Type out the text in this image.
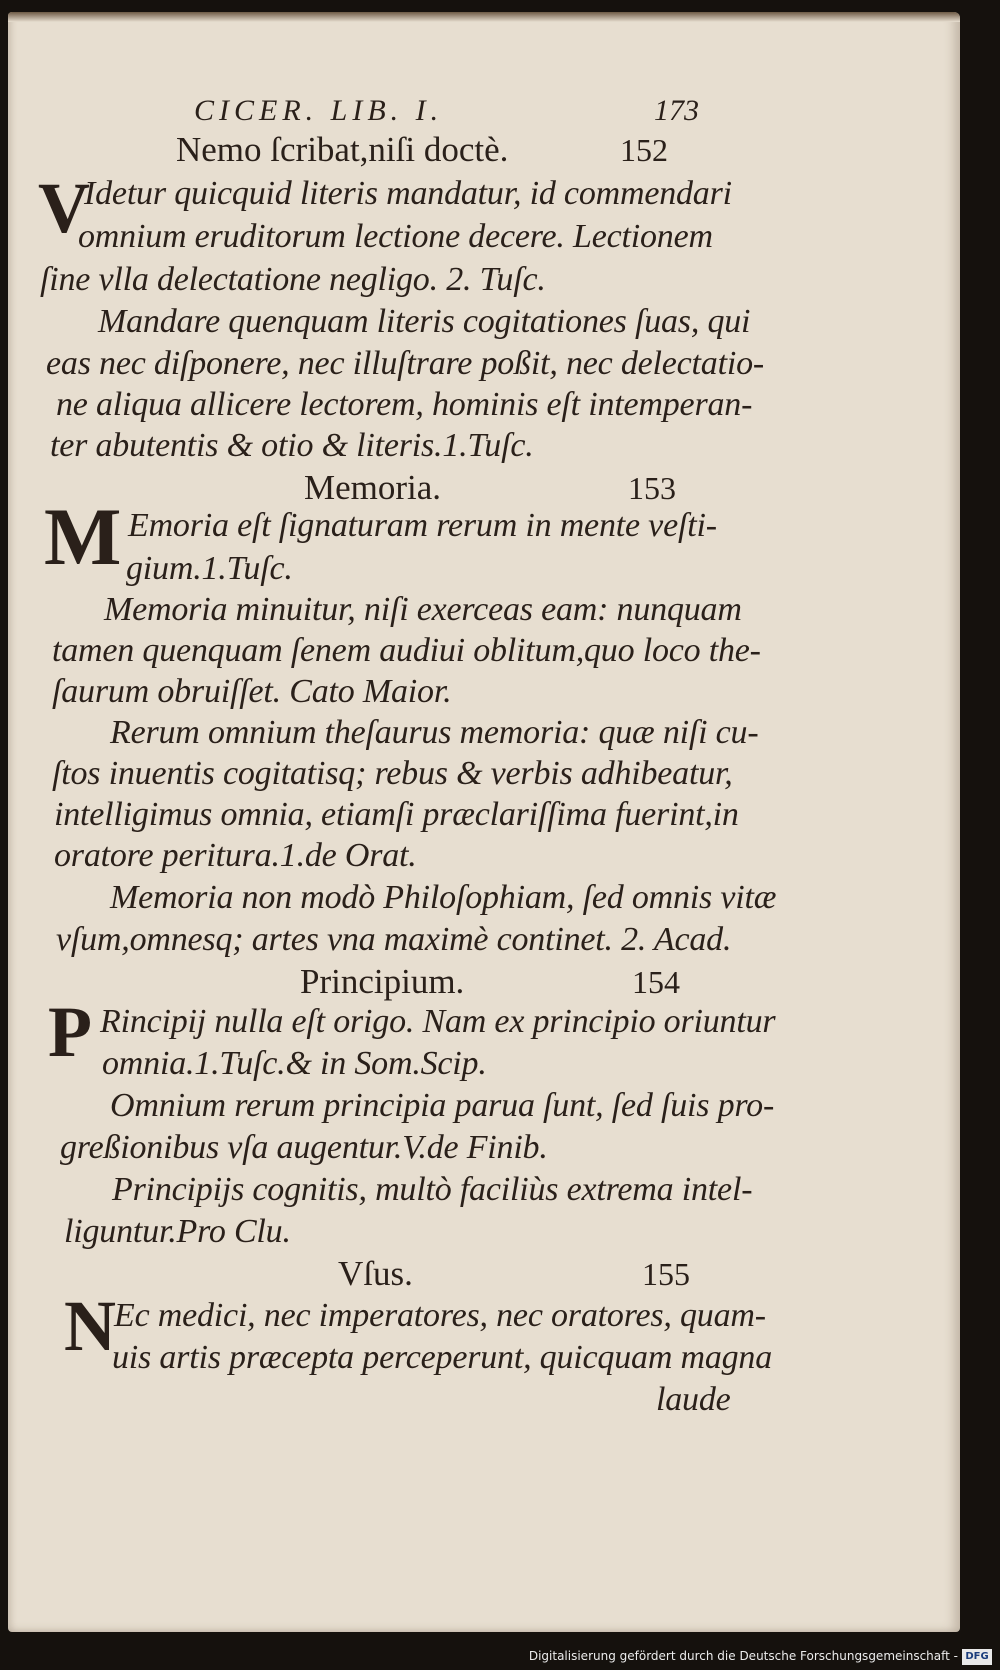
CICER. LIB. I.	173
Nemo ſcribat,niſi doctè.	152
V
Idetur quicquid literis mandatur, id commendari
omnium eruditorum lectione decere. Lectionem
ſine vlla delectatione negligo. 2. Tuſc.
Mandare quenquam literis cogitationes ſuas, qui
eas nec diſponere, nec illuſtrare poßit, nec delectatio-
ne aliqua allicere lectorem, hominis eſt intemperan-
ter abutentis & otio & literis.1.Tuſc.
Memoria.	153
M Emoria eſt ſignaturam rerum in mente veſti-
gium.1.Tuſc.
Memoria minuitur, niſi exerceas eam: nunquam
tamen quenquam ſenem audiui oblitum,quo loco the-
ſaurum obruiſſet. Cato Maior.
Rerum omnium theſaurus memoria: quæ niſi cu-
ſtos inuentis cogitatisq; rebus & verbis adhibeatur,
intelligimus omnia, etiamſi præclariſſima fuerint,in
oratore peritura.1.de Orat.
Memoria non modò Philoſophiam, ſed omnis vitæ
vſum,omnesq; artes vna maximè continet. 2. Acad.
Principium.	154
P Rincipij nulla eſt origo. Nam ex principio oriuntur
omnia.1.Tuſc.& in Som.Scip.
Omnium rerum principia parua ſunt, ſed ſuis pro-
greßionibus vſa augentur.V.de Finib.
Principijs cognitis, multò faciliùs extrema intel-
liguntur.Pro Clu.
Vſus.	155
N
Ec medici, nec imperatores, nec oratores, quam-
uis artis præcepta perceperunt, quicquam magna
laude
Digitalisierung gefördert durch die Deutsche Forschungsgemeinschaft - DFG
